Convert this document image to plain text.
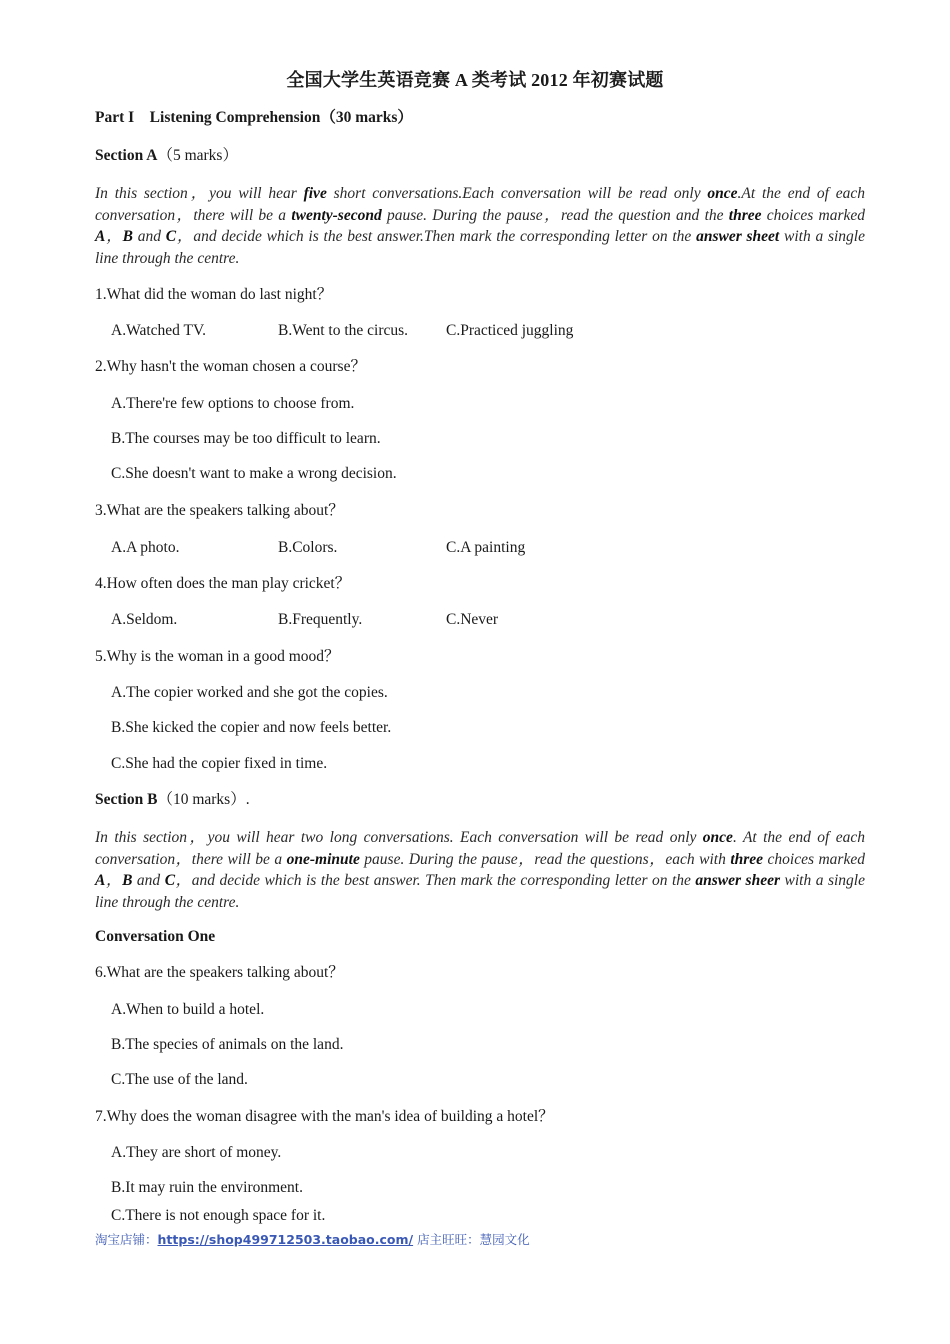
全国大学生英语竞赛 A 类考试 2012 年初赛试题
Part I Listening Comprehension（30 marks）
Section A（5 marks）
In this section，you will hear five short conversations.Each conversation will be read only once.At the end of each conversation，there will be a twenty-second pause. During the pause，read the question and the three choices marked A，B and C，and decide which is the best answer.Then mark the corresponding letter on the answer sheet with a single line through the centre.
1.What did the woman do last night？
A.Watched TV.	B.Went to the circus. C.Practiced juggling
2.Why hasn't the woman chosen a course？
A.There're few options to choose from.
B.The courses may be too difficult to learn.
C.She doesn't want to make a wrong decision.
3.What are the speakers talking about？
A.A photo.	B.Colors.	C.A painting
4.How often does the man play cricket？
A.Seldom.	B.Frequently.	C.Never
5.Why is the woman in a good mood？
A.The copier worked and she got the copies.
B.She kicked the copier and now feels better.
C.She had the copier fixed in time.
Section B（10 marks）.
In this section，you will hear two long conversations. Each conversation will be read only once. At the end of each conversation，there will be a one-minute pause. During the pause，read the questions，each with three choices marked A，B and C，and decide which is the best answer. Then mark the corresponding letter on the answer sheer with a single line through the centre.
Conversation One
6.What are the speakers talking about？
A.When to build a hotel.
B.The species of animals on the land.
C.The use of the land.
7.Why does the woman disagree with the man's idea of building a hotel？
A.They are short of money.
B.It may ruin the environment.
C.There is not enough space for it.
淘宝店铺：https://shop499712503.taobao.com/ 店主旺旺：慧园文化
